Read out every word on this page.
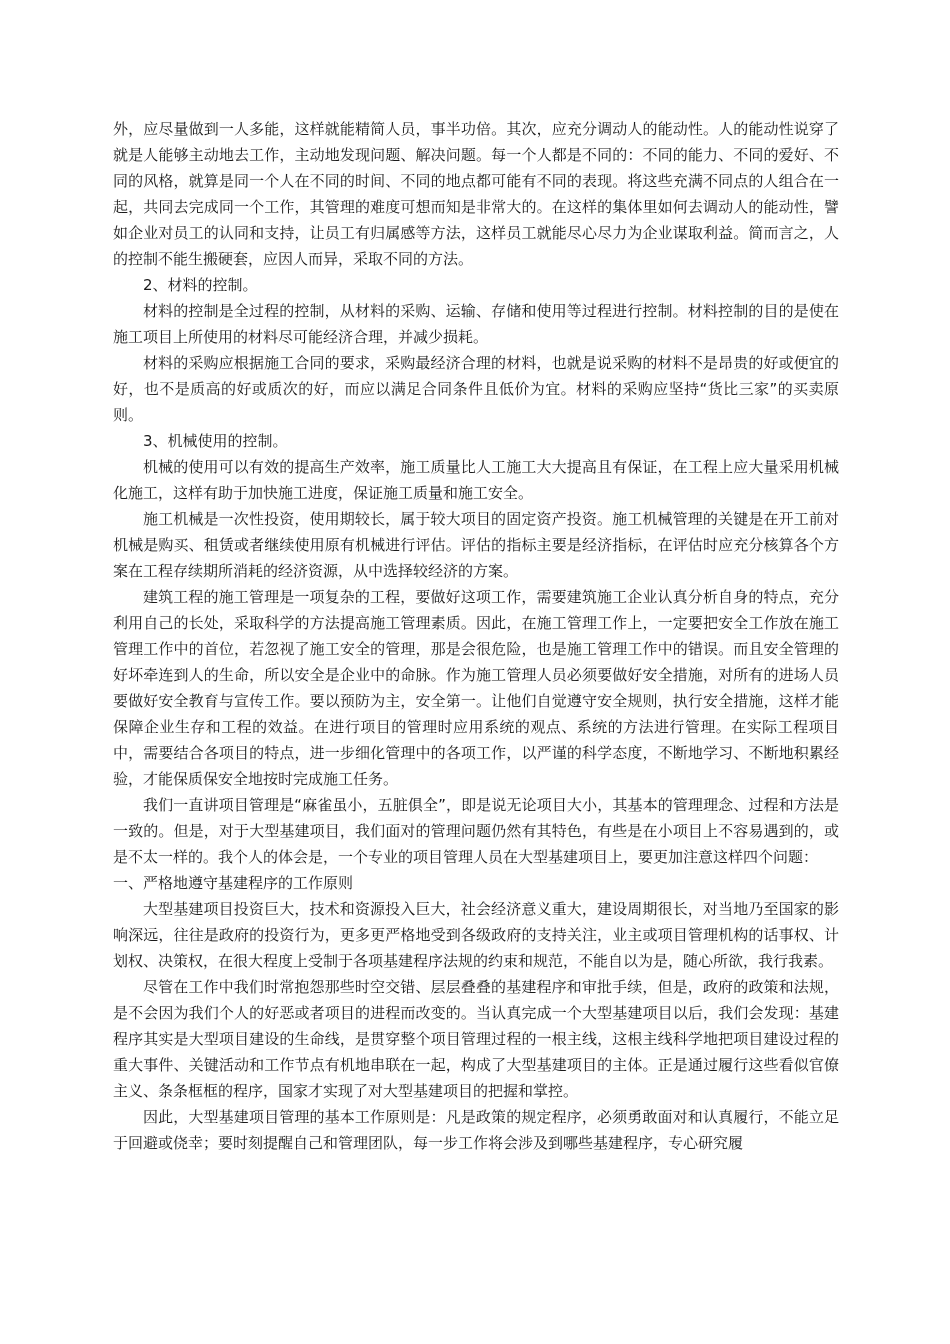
外，应尽量做到一人多能，这样就能精简人员，事半功倍。其次，应充分调动人的能动性。人的能动性说穿了就是人能够主动地去工作，主动地发现问题、解决问题。每一个人都是不同的：不同的能力、不同的爱好、不同的风格，就算是同一个人在不同的时间、不同的地点都可能有不同的表现。将这些充满不同点的人组合在一起，共同去完成同一个工作，其管理的难度可想而知是非常大的。在这样的集体里如何去调动人的能动性，譬如企业对员工的认同和支持，让员工有归属感等方法，这样员工就能尽心尽力为企业谋取利益。简而言之，人的控制不能生搬硬套，应因人而异，采取不同的方法。

2、材料的控制。

材料的控制是全过程的控制，从材料的采购、运输、存储和使用等过程进行控制。材料控制的目的是使在施工项目上所使用的材料尽可能经济合理，并减少损耗。

材料的采购应根据施工合同的要求，采购最经济合理的材料，也就是说采购的材料不是昂贵的好或便宜的好，也不是质高的好或质次的好，而应以满足合同条件且低价为宜。材料的采购应坚持“货比三家”的买卖原则。

3、机械使用的控制。

机械的使用可以有效的提高生产效率，施工质量比人工施工大大提高且有保证，在工程上应大量采用机械化施工，这样有助于加快施工进度，保证施工质量和施工安全。

施工机械是一次性投资，使用期较长，属于较大项目的固定资产投资。施工机械管理的关键是在开工前对机械是购买、租赁或者继续使用原有机械进行评估。评估的指标主要是经济指标，在评估时应充分核算各个方案在工程存续期所消耗的经济资源，从中选择较经济的方案。

建筑工程的施工管理是一项复杂的工程，要做好这项工作，需要建筑施工企业认真分析自身的特点，充分利用自己的长处，采取科学的方法提高施工管理素质。因此，在施工管理工作上，一定要把安全工作放在施工管理工作中的首位，若忽视了施工安全的管理，那是会很危险，也是施工管理工作中的错误。而且安全管理的好坏牵连到人的生命，所以安全是企业中的命脉。作为施工管理人员必须要做好安全措施，对所有的进场人员要做好安全教育与宣传工作。要以预防为主，安全第一。让他们自觉遵守安全规则，执行安全措施，这样才能保障企业生存和工程的效益。在进行项目的管理时应用系统的观点、系统的方法进行管理。在实际工程项目中，需要结合各项目的特点，进一步细化管理中的各项工作，以严谨的科学态度，不断地学习、不断地积累经验，才能保质保安全地按时完成施工任务。

我们一直讲项目管理是“麻雀虽小，五脏俱全”，即是说无论项目大小，其基本的管理理念、过程和方法是一致的。但是，对于大型基建项目，我们面对的管理问题仍然有其特色，有些是在小项目上不容易遇到的，或是不太一样的。我个人的体会是，一个专业的项目管理人员在大型基建项目上，要更加注意这样四个问题：

一、严格地遵守基建程序的工作原则

大型基建项目投资巨大，技术和资源投入巨大，社会经济意义重大，建设周期很长，对当地乃至国家的影响深远，往往是政府的投资行为，更多更严格地受到各级政府的支持关注，业主或项目管理机构的话事权、计划权、决策权，在很大程度上受制于各项基建程序法规的约束和规范，不能自以为是，随心所欲，我行我素。

尽管在工作中我们时常抱怨那些时空交错、层层叠叠的基建程序和审批手续，但是，政府的政策和法规，是不会因为我们个人的好恶或者项目的进程而改变的。当认真完成一个大型基建项目以后，我们会发现：基建程序其实是大型项目建设的生命线，是贯穿整个项目管理过程的一根主线，这根主线科学地把项目建设过程的重大事件、关键活动和工作节点有机地串联在一起，构成了大型基建项目的主体。正是通过履行这些看似官僚主义、条条框框的程序，国家才实现了对大型基建项目的把握和掌控。

因此，大型基建项目管理的基本工作原则是：凡是政策的规定程序，必须勇敢面对和认真履行，不能立足于回避或侥幸；要时刻提醒自己和管理团队，每一步工作将会涉及到哪些基建程序，专心研究履
